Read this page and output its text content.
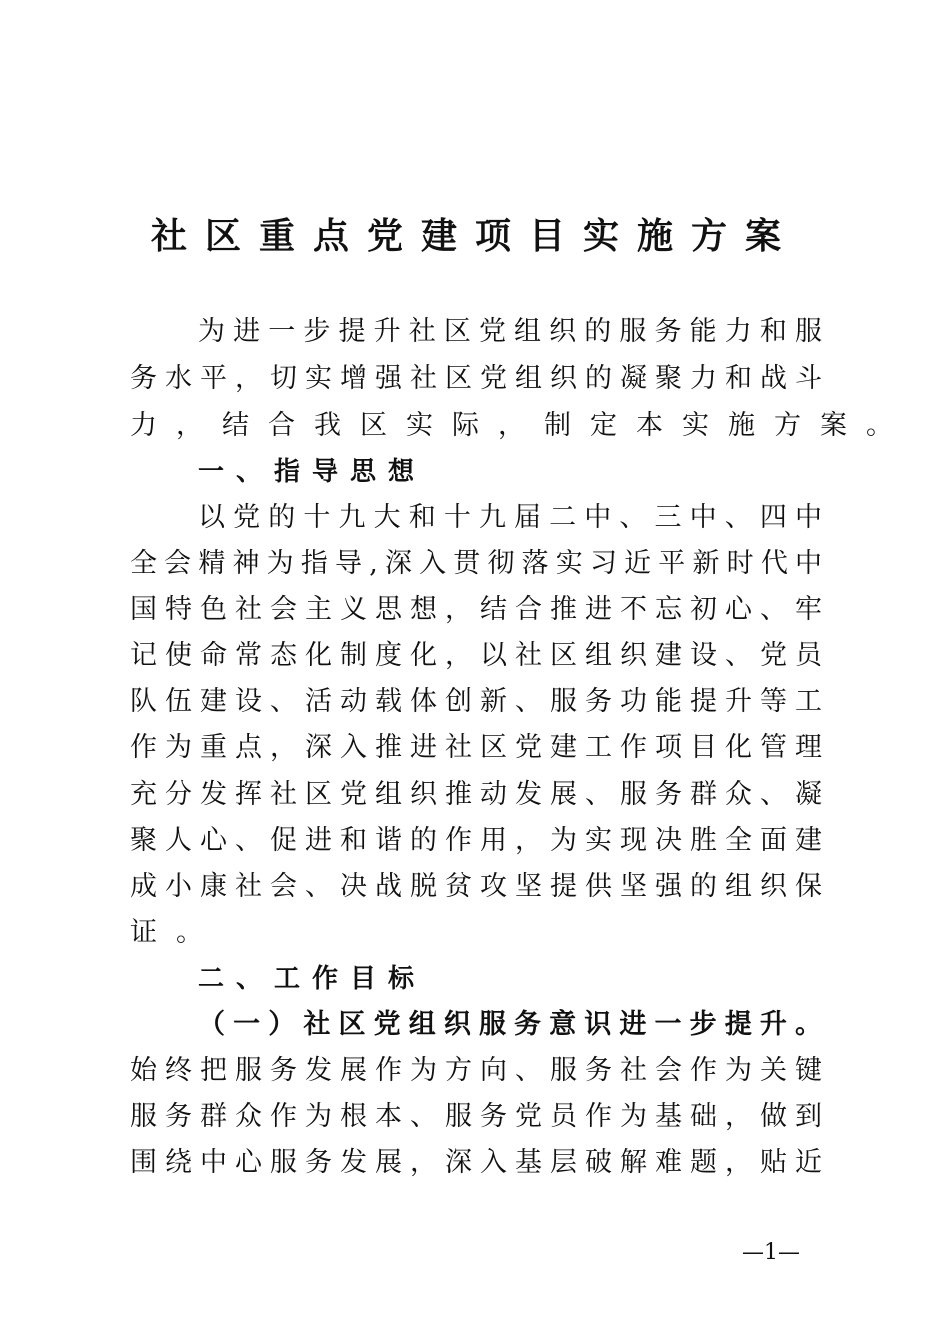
社区重点党建项目实施方案
为进一步提升社区党组织的服务能力和服
务水平，切实增强社区党组织的凝聚力和战斗
力，结合我区实际，制定本实施方案。
一、指导思想
以党的十九大和十九届二中、三中、四中
全会精神为指导,深入贯彻落实习近平新时代中
国特色社会主义思想，结合推进不忘初心、牢
记使命常态化制度化，以社区组织建设、党员
队伍建设、活动载体创新、服务功能提升等工
作为重点，深入推进社区党建工作项目化管理
充分发挥社区党组织推动发展、服务群众、凝
聚人心、促进和谐的作用，为实现决胜全面建
成小康社会、决战脱贫攻坚提供坚强的组织保
证。
二、工作目标
（一）社区党组织服务意识进一步提升。
始终把服务发展作为方向、服务社会作为关键
服务群众作为根本、服务党员作为基础，做到
围绕中心服务发展，深入基层破解难题，贴近
—1—
